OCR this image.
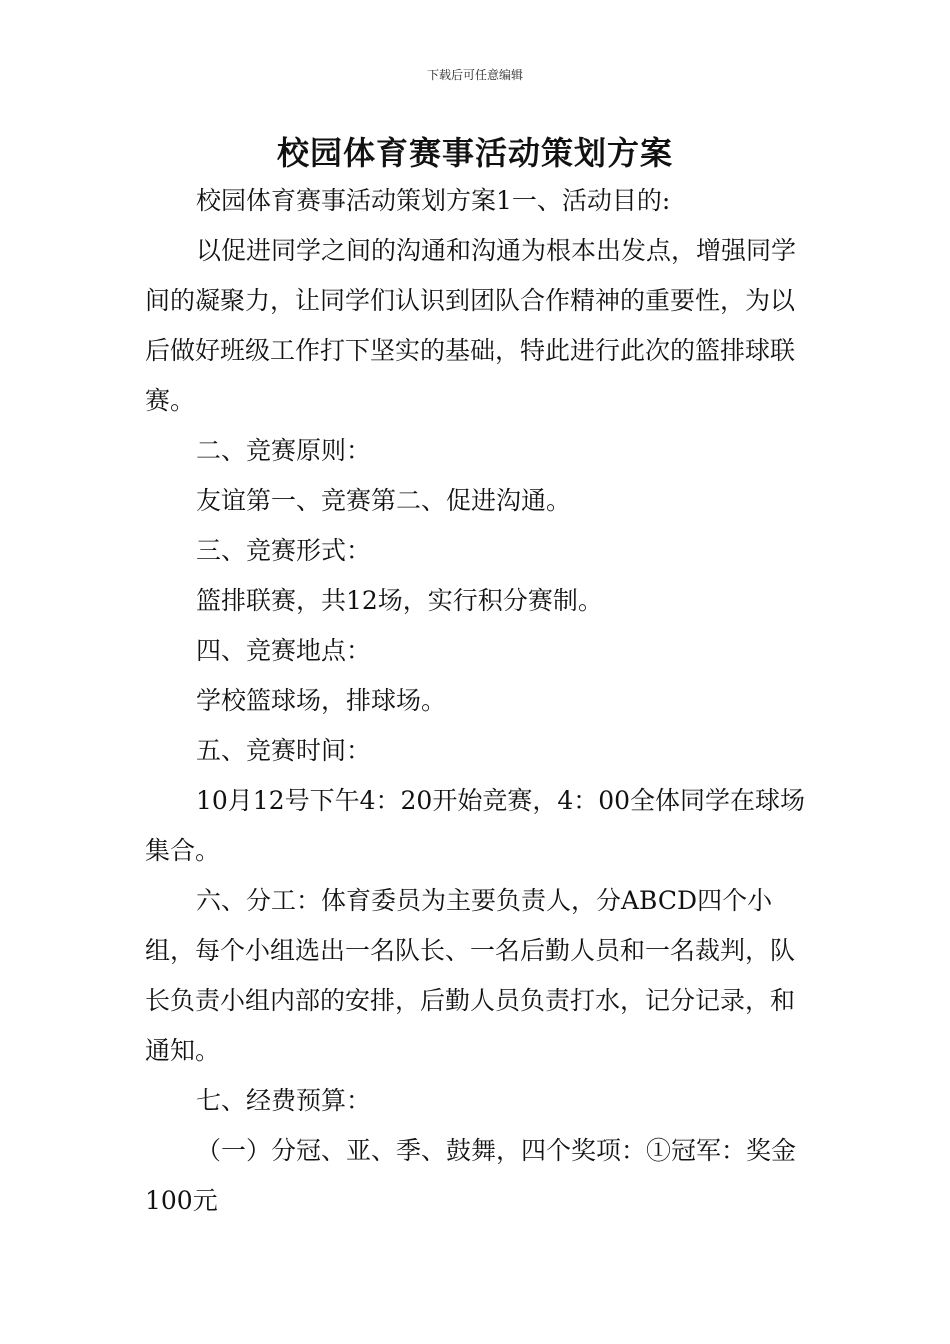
下载后可任意编辑
校园体育赛事活动策划方案

校园体育赛事活动策划方案1一、活动目的:

以促进同学之间的沟通和沟通为根本出发点，增强同学间的凝聚力，让同学们认识到团队合作精神的重要性，为以后做好班级工作打下坚实的基础，特此进行此次的篮排球联赛。

二、竞赛原则：

友谊第一、竞赛第二、促进沟通。

三、竞赛形式：

篮排联赛，共12场，实行积分赛制。

四、竞赛地点：

学校篮球场，排球场。

五、竞赛时间：

10月12号下午4：20开始竞赛，4：00全体同学在球场集合。

六、分工：体育委员为主要负责人，分ABCD四个小组，每个小组选出一名队长、一名后勤人员和一名裁判，队长负责小组内部的安排，后勤人员负责打水，记分记录，和通知。

七、经费预算：

（一）分冠、亚、季、鼓舞，四个奖项：①冠军：奖金100元
